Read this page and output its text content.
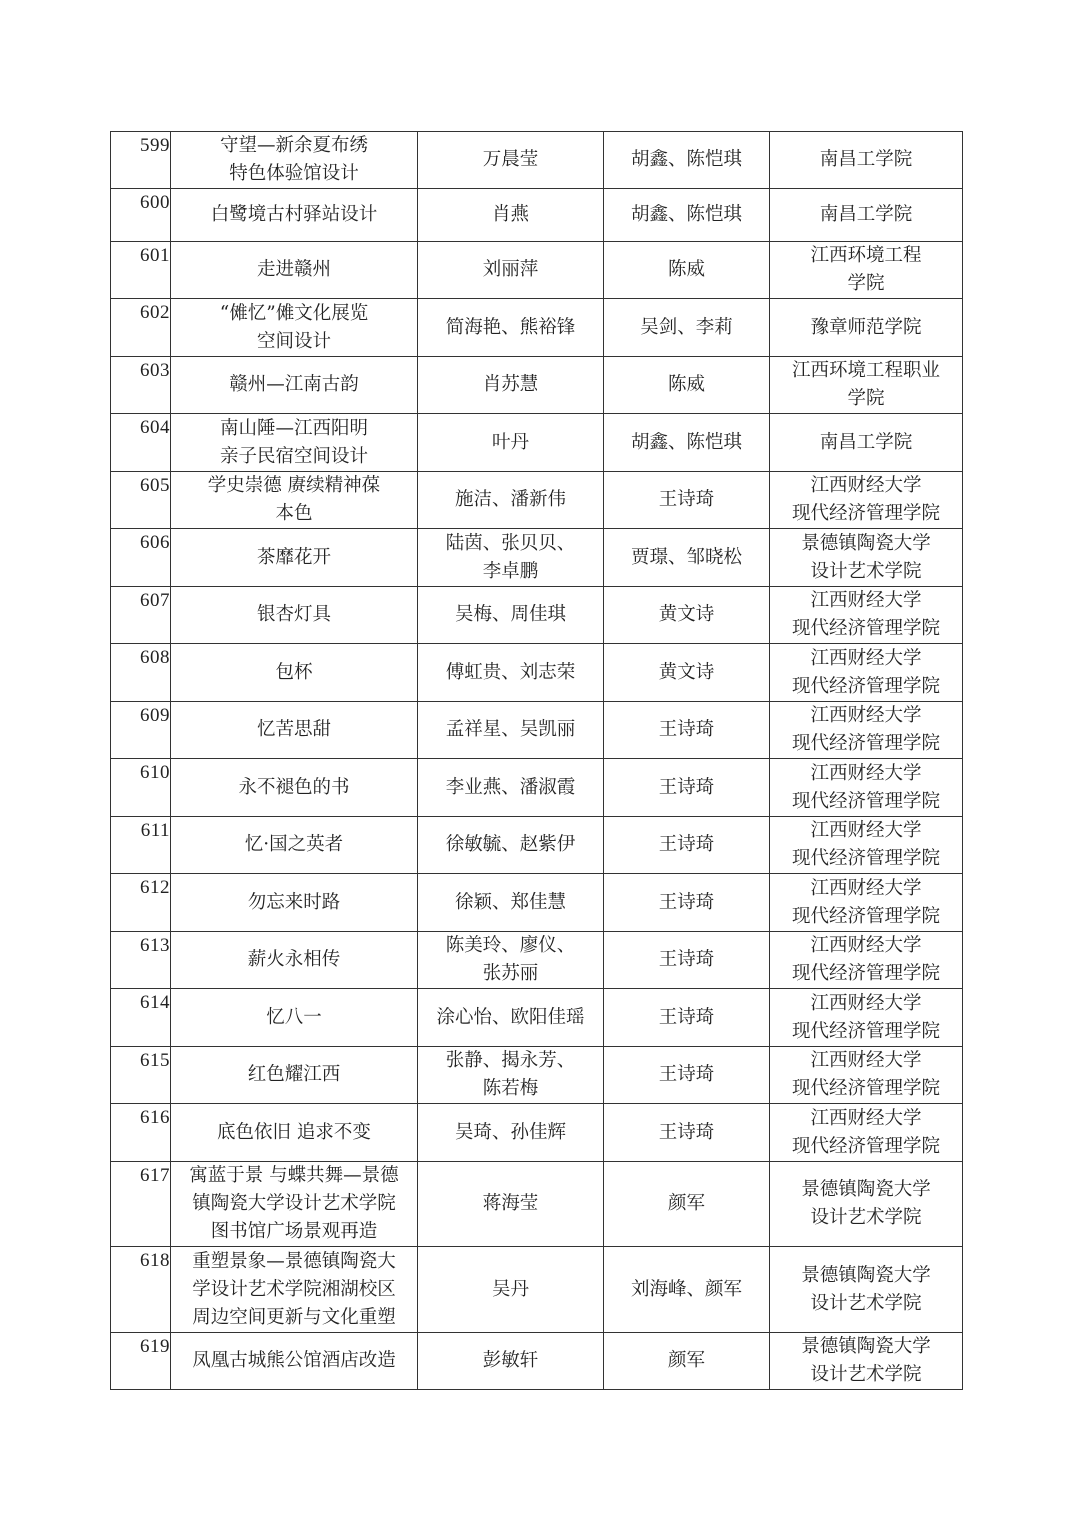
599	守望—新余夏布绣
特色体验馆设计	万晨莹	胡鑫、陈恺琪	南昌工学院

600	白鹭境古村驿站设计	肖燕	胡鑫、陈恺琪	南昌工学院

601	走进赣州	刘丽萍	陈威	江西环境工程
学院

602	“傩忆”傩文化展览
空间设计	简海艳、熊裕锋	吴剑、李莉	豫章师范学院

603	赣州—江南古韵	肖苏慧	陈威	江西环境工程职业
学院

604	南山陲—江西阳明
亲子民宿空间设计	叶丹	胡鑫、陈恺琪	南昌工学院

605	学史崇德 赓续精神葆
本色	施洁、潘新伟	王诗琦	江西财经大学
现代经济管理学院

606	茶靡花开	陆茵、张贝贝、
李卓鹏	贾璟、邹晓松	景德镇陶瓷大学
设计艺术学院

607	银杏灯具	吴梅、周佳琪	黄文诗	江西财经大学
现代经济管理学院

608	包杯	傅虹贵、刘志荣	黄文诗	江西财经大学
现代经济管理学院

609	忆苦思甜	孟祥星、吴凯丽	王诗琦	江西财经大学
现代经济管理学院

610	永不褪色的书	李业燕、潘淑霞	王诗琦	江西财经大学
现代经济管理学院

611	忆·国之英者	徐敏毓、赵紫伊	王诗琦	江西财经大学
现代经济管理学院

612	勿忘来时路	徐颖、郑佳慧	王诗琦	江西财经大学
现代经济管理学院

613	薪火永相传	陈美玲、廖仪、
张苏丽	王诗琦	江西财经大学
现代经济管理学院

614	忆八一	涂心怡、欧阳佳瑶	王诗琦	江西财经大学
现代经济管理学院

615	红色耀江西	张静、揭永芳、
陈若梅	王诗琦	江西财经大学
现代经济管理学院

616	底色依旧 追求不变	吴琦、孙佳辉	王诗琦	江西财经大学
现代经济管理学院

617	寓蓝于景 与蝶共舞—景德
镇陶瓷大学设计艺术学院
图书馆广场景观再造	蒋海莹	颜军	景德镇陶瓷大学
设计艺术学院

618	重塑景象—景德镇陶瓷大
学设计艺术学院湘湖校区
周边空间更新与文化重塑	吴丹	刘海峰、颜军	景德镇陶瓷大学
设计艺术学院

619	凤凰古城熊公馆酒店改造	彭敏轩	颜军	景德镇陶瓷大学
设计艺术学院
